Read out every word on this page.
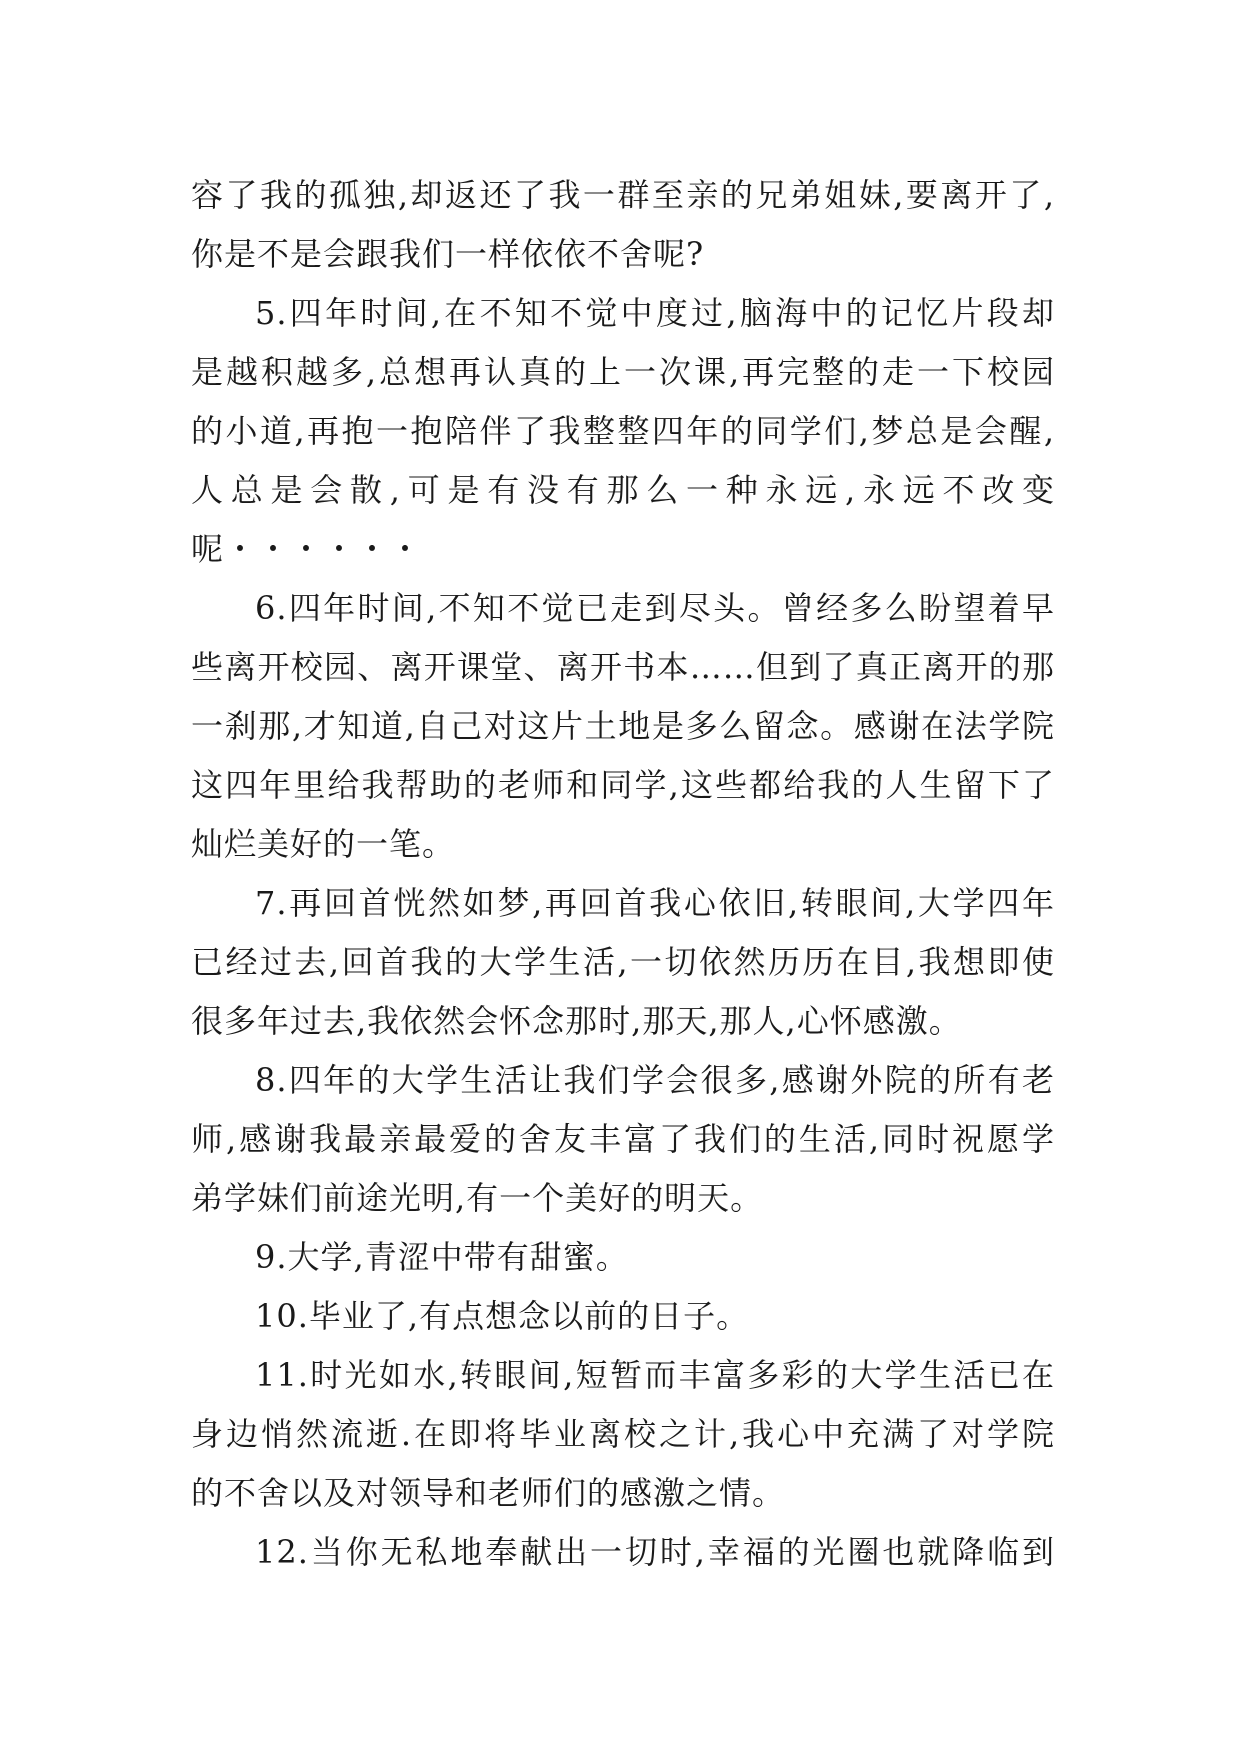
容了我的孤独,却返还了我一群至亲的兄弟姐妹,要离开了,
你是不是会跟我们一样依依不舍呢?
5.四年时间,在不知不觉中度过,脑海中的记忆片段却
是越积越多,总想再认真的上一次课,再完整的走一下校园
的小道,再抱一抱陪伴了我整整四年的同学们,梦总是会醒,
人总是会散,可是有没有那么一种永远,永远不改变
呢・・・・・・
6.四年时间,不知不觉已走到尽头。曾经多么盼望着早
些离开校园、离开课堂、离开书本……但到了真正离开的那
一刹那,才知道,自己对这片土地是多么留念。感谢在法学院
这四年里给我帮助的老师和同学,这些都给我的人生留下了
灿烂美好的一笔。
7.再回首恍然如梦,再回首我心依旧,转眼间,大学四年
已经过去,回首我的大学生活,一切依然历历在目,我想即使
很多年过去,我依然会怀念那时,那天,那人,心怀感激。
8.四年的大学生活让我们学会很多,感谢外院的所有老
师,感谢我最亲最爱的舍友丰富了我们的生活,同时祝愿学
弟学妹们前途光明,有一个美好的明天。
9.大学,青涩中带有甜蜜。
10.毕业了,有点想念以前的日子。
11.时光如水,转眼间,短暂而丰富多彩的大学生活已在
身边悄然流逝.在即将毕业离校之计,我心中充满了对学院
的不舍以及对领导和老师们的感激之情。
12.当你无私地奉献出一切时,幸福的光圈也就降临到
